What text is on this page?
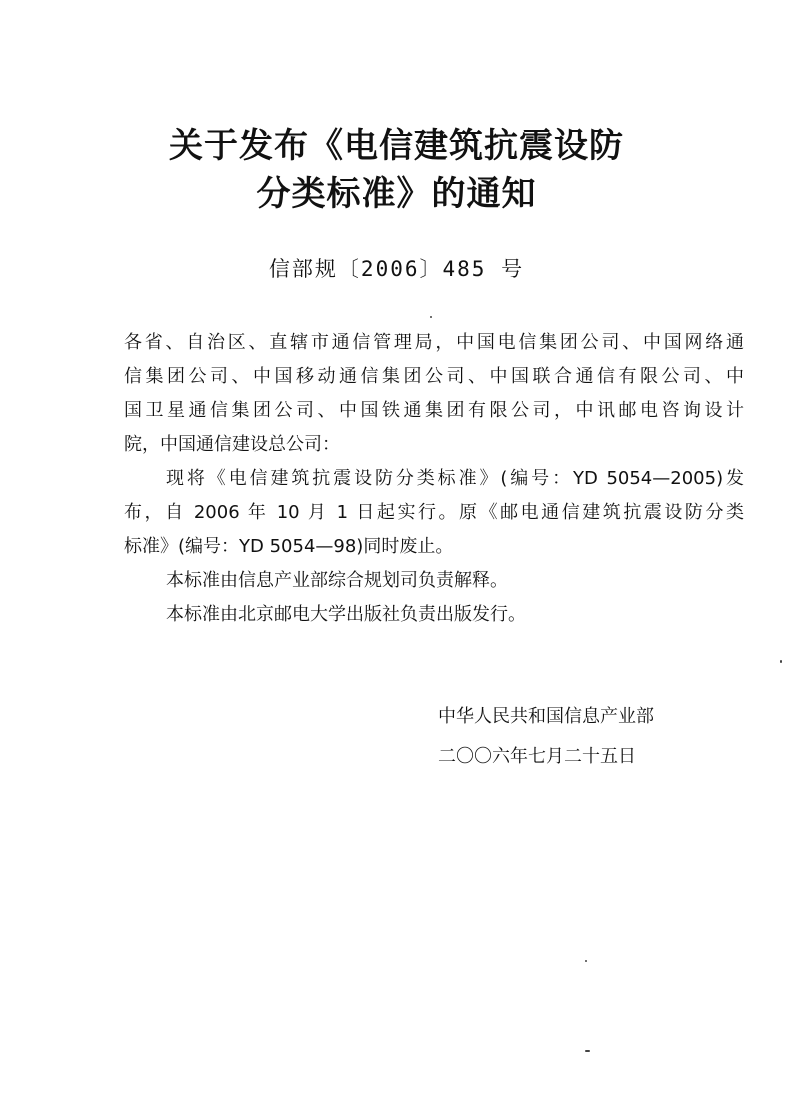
关于发布《电信建筑抗震设防
分类标准》的通知
信部规〔2006〕485 号
各省、自治区、直辖市通信管理局，中国电信集团公司、中国网络通
信集团公司、中国移动通信集团公司、中国联合通信有限公司、中
国卫星通信集团公司、中国铁通集团有限公司，中讯邮电咨询设计
院，中国通信建设总公司：
现将《电信建筑抗震设防分类标准》(编号：YD 5054—2005)发
布，自 2006 年 10 月 1 日起实行。原《邮电通信建筑抗震设防分类
标准》(编号：YD 5054—98)同时废止。
本标准由信息产业部综合规划司负责解释。
本标准由北京邮电大学出版社负责出版发行。
中华人民共和国信息产业部
二〇〇六年七月二十五日
